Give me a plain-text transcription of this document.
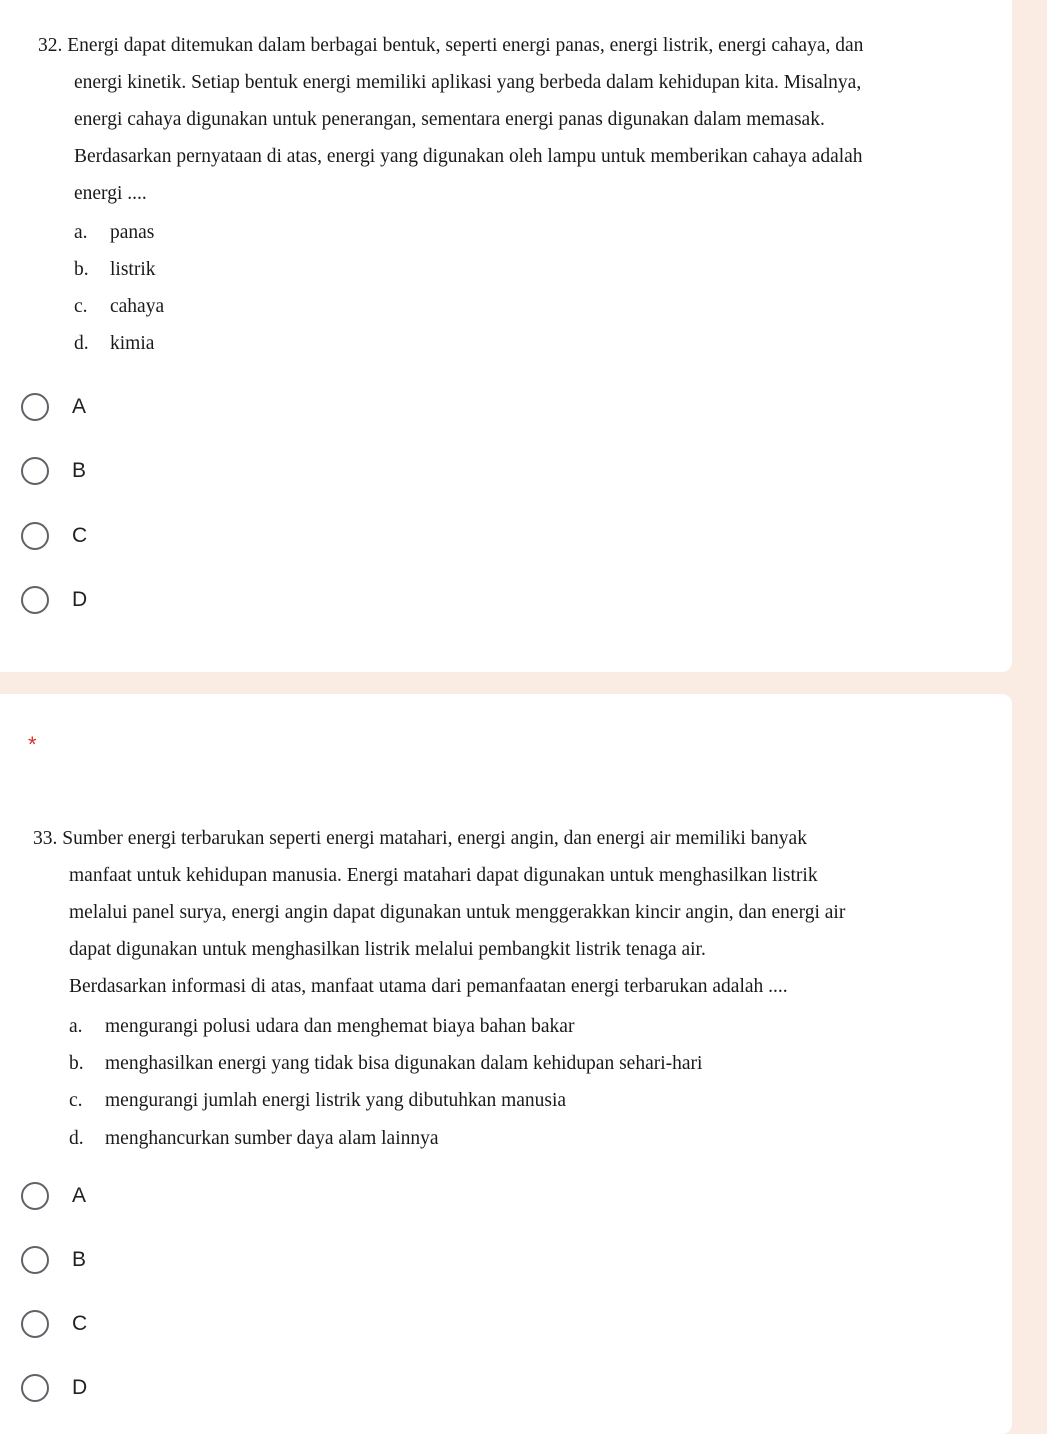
32. Energi dapat ditemukan dalam berbagai bentuk, seperti energi panas, energi listrik, energi cahaya, dan
energi kinetik. Setiap bentuk energi memiliki aplikasi yang berbeda dalam kehidupan kita. Misalnya,
energi cahaya digunakan untuk penerangan, sementara energi panas digunakan dalam memasak.
Berdasarkan pernyataan di atas, energi yang digunakan oleh lampu untuk memberikan cahaya adalah
energi ....
a. panas
b. listrik
c. cahaya
d. kimia
A
B
C
D
*
33. Sumber energi terbarukan seperti energi matahari, energi angin, dan energi air memiliki banyak
manfaat untuk kehidupan manusia. Energi matahari dapat digunakan untuk menghasilkan listrik
melalui panel surya, energi angin dapat digunakan untuk menggerakkan kincir angin, dan energi air
dapat digunakan untuk menghasilkan listrik melalui pembangkit listrik tenaga air.
Berdasarkan informasi di atas, manfaat utama dari pemanfaatan energi terbarukan adalah ....
a. mengurangi polusi udara dan menghemat biaya bahan bakar
b. menghasilkan energi yang tidak bisa digunakan dalam kehidupan sehari-hari
c. mengurangi jumlah energi listrik yang dibutuhkan manusia
d. menghancurkan sumber daya alam lainnya
A
B
C
D
